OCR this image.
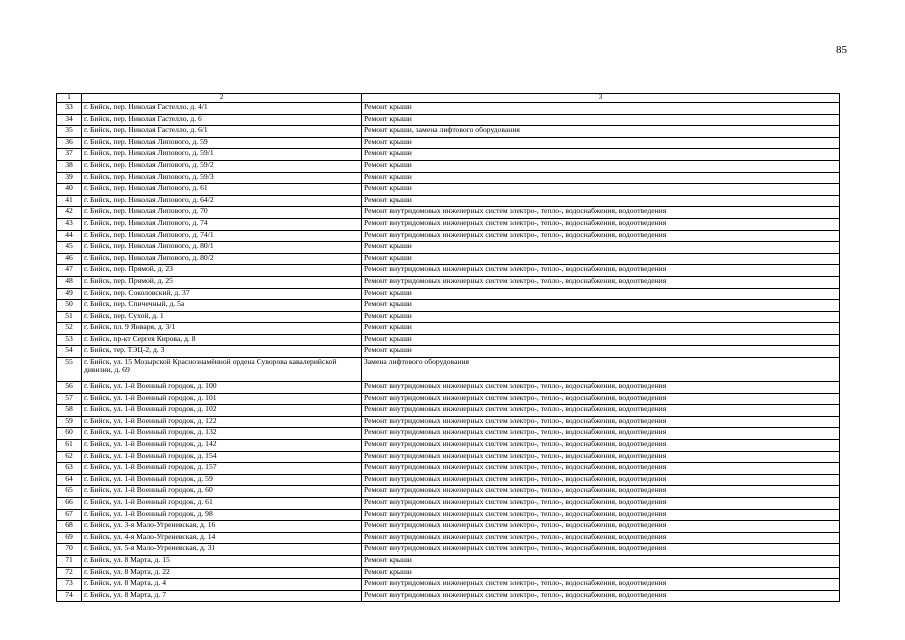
85
1	2	3
33	г. Бийск, пер. Николая Гастелло, д. 4/1	Ремонт крыши
34	г. Бийск, пер. Николая Гастелло, д. 6	Ремонт крыши
35	г. Бийск, пер. Николая Гастелло, д. 6/1	Ремонт крыши, замена лифтового оборудования
36	г. Бийск, пер. Николая Липового, д. 59	Ремонт крыши
37	г. Бийск, пер. Николая Липового, д. 59/1	Ремонт крыши
38	г. Бийск, пер. Николая Липового, д. 59/2	Ремонт крыши
39	г. Бийск, пер. Николая Липового, д. 59/3	Ремонт крыши
40	г. Бийск, пер. Николая Липового, д. 61	Ремонт крыши
41	г. Бийск, пер. Николая Липового, д. 64/2	Ремонт крыши
42	г. Бийск, пер. Николая Липового, д. 70	Ремонт внутридомовых инженерных систем электро-, тепло-, водоснабжения, водоотведения
43	г. Бийск, пер. Николая Липового, д. 74	Ремонт внутридомовых инженерных систем электро-, тепло-, водоснабжения, водоотведения
44	г. Бийск, пер. Николая Липового, д. 74/1	Ремонт внутридомовых инженерных систем электро-, тепло-, водоснабжения, водоотведения
45	г. Бийск, пер. Николая Липового, д. 80/1	Ремонт крыши
46	г. Бийск, пер. Николая Липового, д. 80/2	Ремонт крыши
47	г. Бийск, пер. Прямой, д. 23	Ремонт внутридомовых инженерных систем электро-, тепло-, водоснабжения, водоотведения
48	г. Бийск, пер. Прямой, д. 25	Ремонт внутридомовых инженерных систем электро-, тепло-, водоснабжения, водоотведения
49	г. Бийск, пер. Соколовский, д. 37	Ремонт крыши
50	г. Бийск, пер. Спичечный, д. 5а	Ремонт крыши
51	г. Бийск, пер. Сухой, д. 1	Ремонт крыши
52	г. Бийск, пл. 9 Января, д. 3/1	Ремонт крыши
53	г. Бийск, пр-кт Сергея Кирова, д. 8	Ремонт крыши
54	г. Бийск, тер. ТЭЦ-2, д. 3	Ремонт крыши
55	г. Бийск, ул. 15 Мозырской Краснознамённой ордена Суворова кавалерийской дивизии, д. 69	Замена лифтового оборудования
56	г. Бийск, ул. 1-й Военный городок, д. 100	Ремонт внутридомовых инженерных систем электро-, тепло-, водоснабжения, водоотведения
57	г. Бийск, ул. 1-й Военный городок, д. 101	Ремонт внутридомовых инженерных систем электро-, тепло-, водоснабжения, водоотведения
58	г. Бийск, ул. 1-й Военный городок, д. 102	Ремонт внутридомовых инженерных систем электро-, тепло-, водоснабжения, водоотведения
59	г. Бийск, ул. 1-й Военный городок, д. 122	Ремонт внутридомовых инженерных систем электро-, тепло-, водоснабжения, водоотведения
60	г. Бийск, ул. 1-й Военный городок, д. 132	Ремонт внутридомовых инженерных систем электро-, тепло-, водоснабжения, водоотведения
61	г. Бийск, ул. 1-й Военный городок, д. 142	Ремонт внутридомовых инженерных систем электро-, тепло-, водоснабжения, водоотведения
62	г. Бийск, ул. 1-й Военный городок, д. 154	Ремонт внутридомовых инженерных систем электро-, тепло-, водоснабжения, водоотведения
63	г. Бийск, ул. 1-й Военный городок, д. 157	Ремонт внутридомовых инженерных систем электро-, тепло-, водоснабжения, водоотведения
64	г. Бийск, ул. 1-й Военный городок, д. 59	Ремонт внутридомовых инженерных систем электро-, тепло-, водоснабжения, водоотведения
65	г. Бийск, ул. 1-й Военный городок, д. 60	Ремонт внутридомовых инженерных систем электро-, тепло-, водоснабжения, водоотведения
66	г. Бийск, ул. 1-й Военный городок, д. 61	Ремонт внутридомовых инженерных систем электро-, тепло-, водоснабжения, водоотведения
67	г. Бийск, ул. 1-й Военный городок, д. 98	Ремонт внутридомовых инженерных систем электро-, тепло-, водоснабжения, водоотведения
68	г. Бийск, ул. 3-я Мало-Угреневская, д. 16	Ремонт внутридомовых инженерных систем электро-, тепло-, водоснабжения, водоотведения
69	г. Бийск, ул. 4-я Мало-Угреневская, д. 14	Ремонт внутридомовых инженерных систем электро-, тепло-, водоснабжения, водоотведения
70	г. Бийск, ул. 5-я Мало-Угреневская, д. 31	Ремонт внутридомовых инженерных систем электро-, тепло-, водоснабжения, водоотведения
71	г. Бийск, ул. 8 Марта, д. 15	Ремонт крыши
72	г. Бийск, ул. 8 Марта, д. 22	Ремонт крыши
73	г. Бийск, ул. 8 Марта, д. 4	Ремонт внутридомовых инженерных систем электро-, тепло-, водоснабжения, водоотведения
74	г. Бийск, ул. 8 Марта, д. 7	Ремонт внутридомовых инженерных систем электро-, тепло-, водоснабжения, водоотведения
